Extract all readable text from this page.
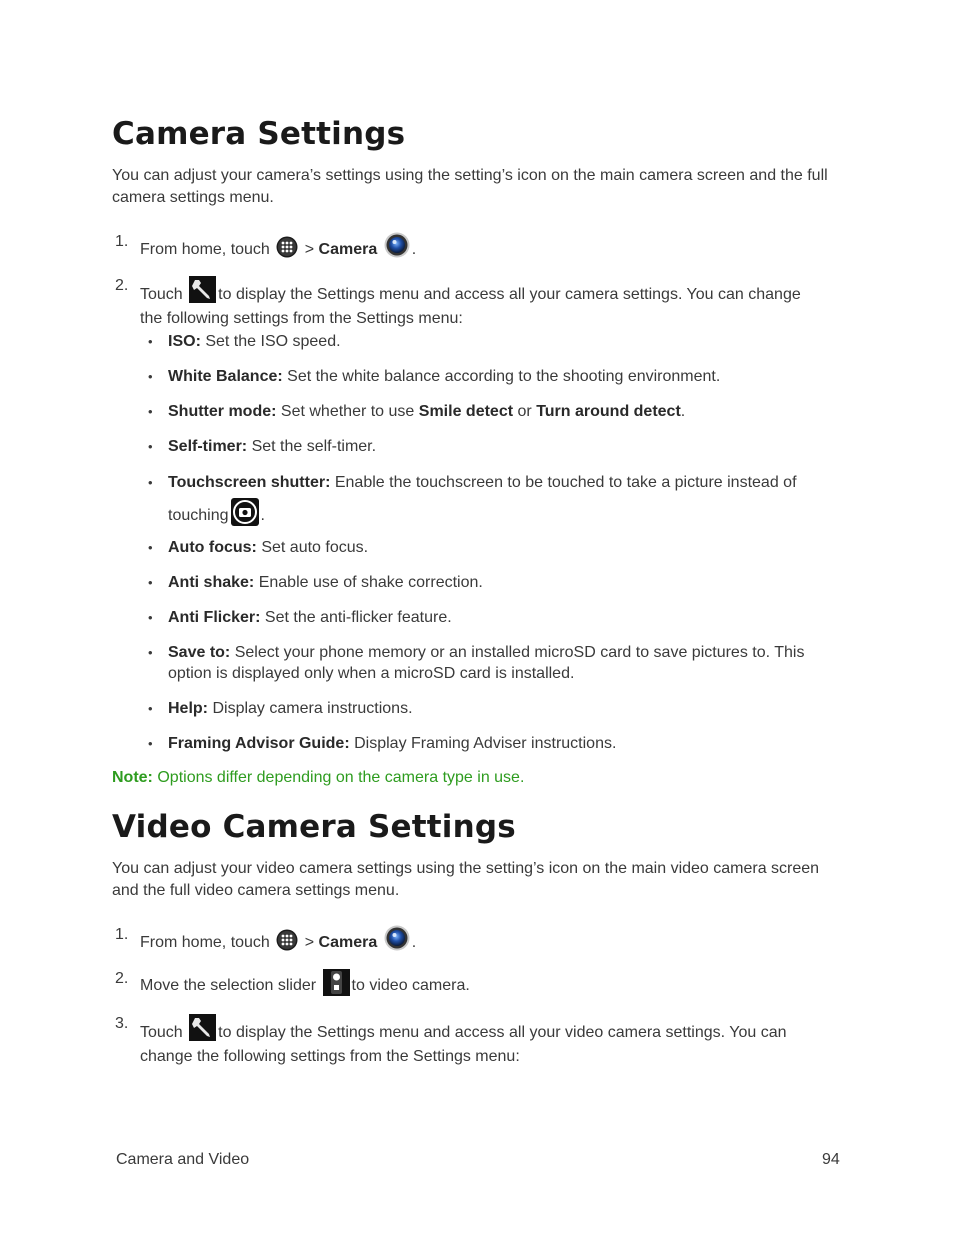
Camera Settings
You can adjust your camera’s settings using the setting’s icon on the main camera screen and the full camera settings menu.
1. From home, touch > Camera .
2.
Touch to display the Settings menu and access all your camera settings. You can change the following settings from the Settings menu:
• ISO: Set the ISO speed.
• White Balance: Set the white balance according to the shooting environment.
• Shutter mode: Set whether to use Smile detect or Turn around detect.
• Self-timer: Set the self-timer.
• Touchscreen shutter: Enable the touchscreen to be touched to take a picture instead of touching .
• Auto focus: Set auto focus.
• Anti shake: Enable use of shake correction.
• Anti Flicker: Set the anti-flicker feature.
• Save to: Select your phone memory or an installed microSD card to save pictures to. This option is displayed only when a microSD card is installed.
• Help: Display camera instructions.
• Framing Advisor Guide: Display Framing Adviser instructions.
Note: Options differ depending on the camera type in use.
Video Camera Settings
You can adjust your video camera settings using the setting’s icon on the main video camera screen and the full video camera settings menu.
1. From home, touch > Camera .
2. Move the selection slider to video camera.
3.
Touch to display the Settings menu and access all your video camera settings. You can change the following settings from the Settings menu:
Camera and Video	94
